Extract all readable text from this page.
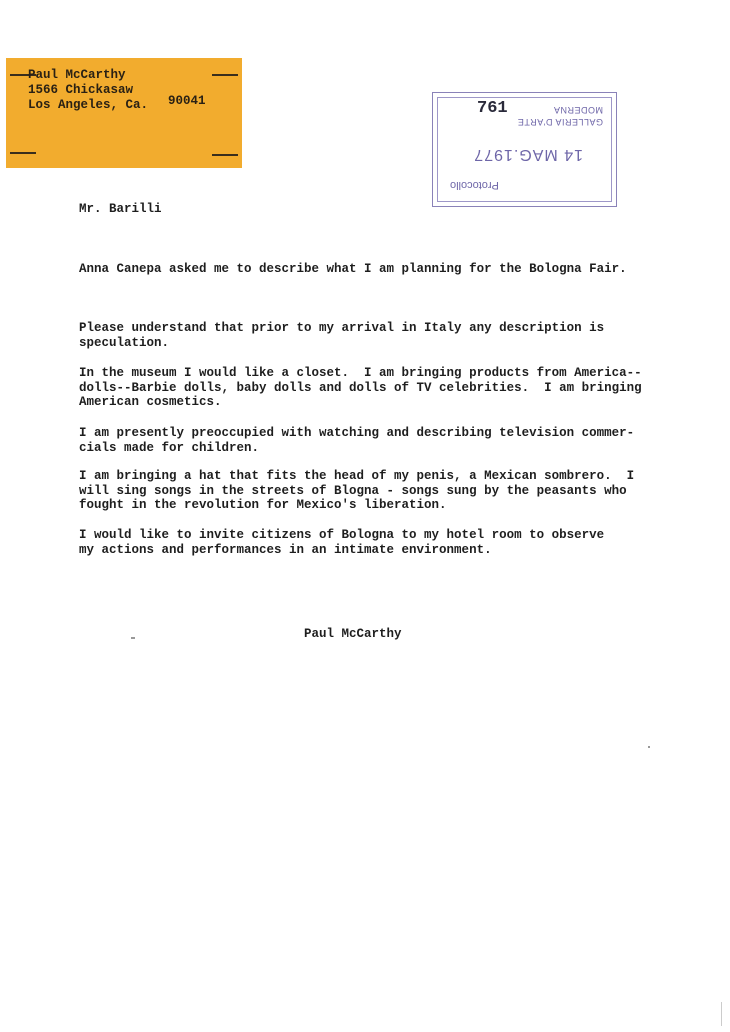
Paul McCarthy
1566 Chickasaw
Los Angeles, Ca. 90041
MODERNA
GALLERIA D'ARTE
14 MAG.1977
Protocollo
761
Mr. Barilli
Anna Canepa asked me to describe what I am planning for the Bologna Fair.
Please understand that prior to my arrival in Italy any description is
speculation.
In the museum I would like a closet.  I am bringing products from America--
dolls--Barbie dolls, baby dolls and dolls of TV celebrities.  I am bringing
American cosmetics.
I am presently preoccupied with watching and describing television commer-
cials made for children.
I am bringing a hat that fits the head of my penis, a Mexican sombrero.  I
will sing songs in the streets of Blogna - songs sung by the peasants who
fought in the revolution for Mexico's liberation.
I would like to invite citizens of Bologna to my hotel room to observe
my actions and performances in an intimate environment.
Paul McCarthy
